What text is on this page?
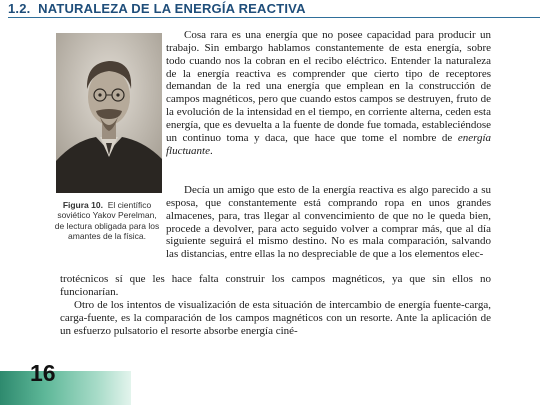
1.2. NATURALEZA DE LA ENERGÍA REACTIVA
Figura 10. El científico soviético Yakov Perelman, de lectura obligada para los amantes de la física.

Cosa rara es una energía que no posee capacidad para producir un trabajo. Sin embargo hablamos constantemente de esta energía, sobre todo cuando nos la cobran en el recibo eléctrico. Entender la naturaleza de la energía reactiva es comprender que cierto tipo de receptores demandan de la red una energía que emplean en la construcción de campos magnéticos, pero que cuando estos campos se destruyen, fruto de la evolución de la intensidad en el tiempo, en corriente alterna, ceden esta energía, que es devuelta a la fuente de donde fue tomada, estableciéndose un continuo toma y daca, que hace que tome el nombre de energía fluctuante.

Decía un amigo que esto de la energía reactiva es algo parecido a su esposa, que constantemente está comprando ropa en unos grandes almacenes, para, tras llegar al convencimiento de que no le queda bien, procede a devolver, para acto seguido volver a comprar más, que al día siguiente seguirá el mismo destino. No es mala comparación, salvando las distancias, entre ellas la no despreciable de que a los elementos elec-

trotécnicos sí que les hace falta construir los campos magnéticos, ya que sin ellos no funcionarían.

Otro de los intentos de visualización de esta situación de intercambio de energía fuente-carga, carga-fuente, es la comparación de los campos magnéticos con un resorte. Ante la aplicación de un esfuerzo pulsatorio el resorte absorbe energía ciné-

16
